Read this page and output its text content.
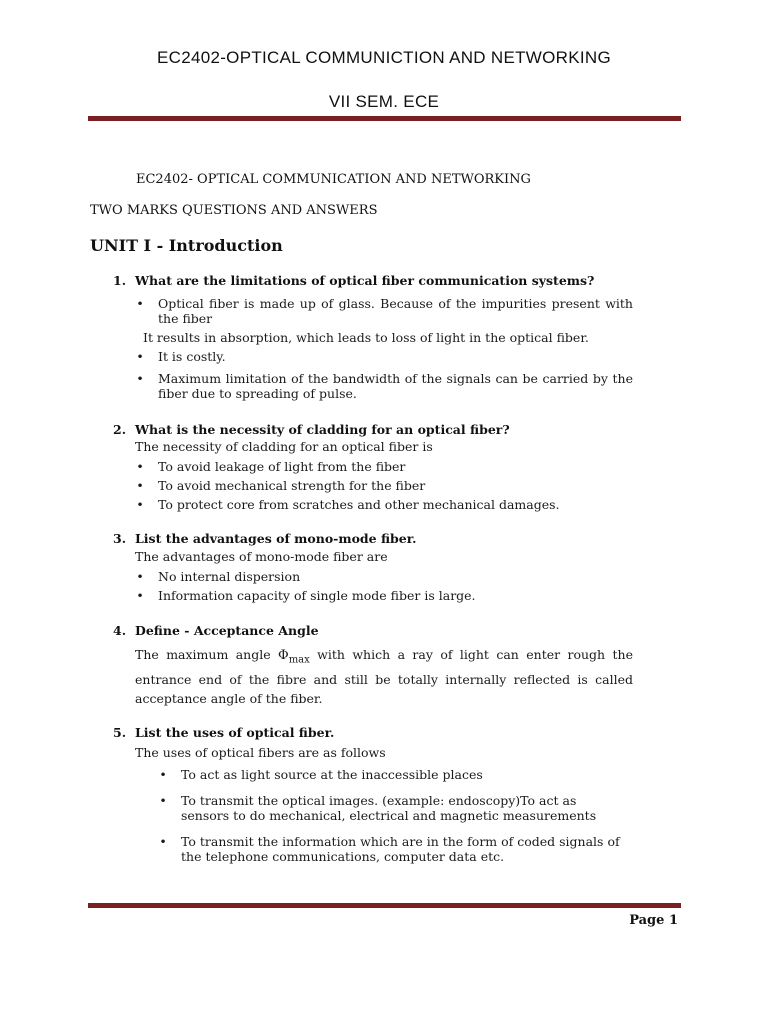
EC2402-OPTICAL COMMUNICTION AND NETWORKING
VII SEM. ECE
EC2402- OPTICAL COMMUNICATION AND NETWORKING
TWO MARKS QUESTIONS AND ANSWERS
UNIT I - Introduction
1. What are the limitations of optical fiber communication systems?
• Optical fiber is made up of glass. Because of the impurities present with the fiber
It results in absorption, which leads to loss of light in the optical fiber.
• It is costly.
• Maximum limitation of the bandwidth of the signals can be carried by the fiber due to spreading of pulse.
2. What is the necessity of cladding for an optical fiber?
The necessity of cladding for an optical fiber is
• To avoid leakage of light from the fiber
• To avoid mechanical strength for the fiber
• To protect core from scratches and other mechanical damages.
3. List the advantages of mono-mode fiber.
The advantages of mono-mode fiber are
• No internal dispersion
• Information capacity of single mode fiber is large.
4. Define - Acceptance Angle
The maximum angle $\Phi_{max}$ with which a ray of light can enter rough the entrance end of the fibre and still be totally internally reflected is called acceptance angle of the fiber.
5. List the uses of optical fiber.
The uses of optical fibers are as follows
• To act as light source at the inaccessible places
• To transmit the optical images. (example: endoscopy)To act as sensors to do mechanical, electrical and magnetic measurements
• To transmit the information which are in the form of coded signals of the telephone communications, computer data etc.
Page 1
